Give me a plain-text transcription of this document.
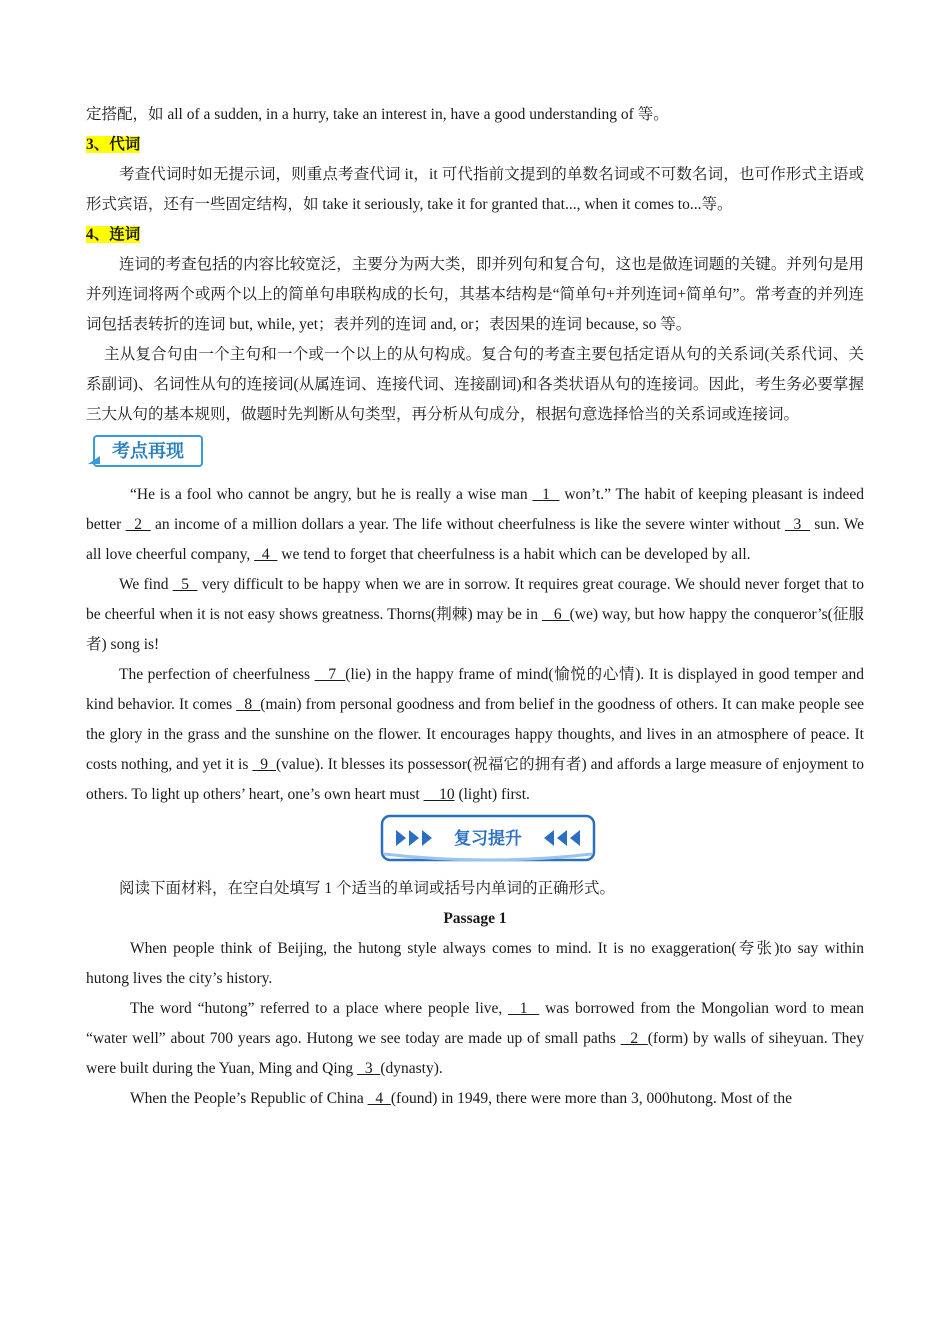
定搭配，如 all of a sudden, in a hurry, take an interest in, have a good understanding of 等。

3、代词

考查代词时如无提示词，则重点考查代词 it，it 可代指前文提到的单数名词或不可数名词，也可作形式主语或形式宾语，还有一些固定结构，如 take it seriously, take it for granted that..., when it comes to...等。

4、连词

连词的考查包括的内容比较宽泛，主要分为两大类，即并列句和复合句，这也是做连词题的关键。并列句是用并列连词将两个或两个以上的简单句串联构成的长句，其基本结构是“简单句+并列连词+简单句”。常考查的并列连词包括表转折的连词 but, while, yet；表并列的连词 and, or；表因果的连词 because, so 等。

主从复合句由一个主句和一个或一个以上的从句构成。复合句的考查主要包括定语从句的关系词(关系代词、关系副词)、名词性从句的连接词(从属连词、连接代词、连接副词)和各类状语从句的连接词。因此，考生务必要掌握三大从句的基本规则，做题时先判断从句类型，再分析从句成分，根据句意选择恰当的关系词或连接词。

考点再现

“He is a fool who cannot be angry, but he is really a wise man   1   won’t.” The habit of keeping pleasant is indeed better   2   an income of a million dollars a year. The life without cheerfulness is like the severe winter without   3   sun. We all love cheerful company,   4   we tend to forget that cheerfulness is a habit which can be developed by all.

We find   5   very difficult to be happy when we are in sorrow. It requires great courage. We should never forget that to be cheerful when it is not easy shows greatness. Thorns(荆棘) may be in    6  (we) way, but how happy the conqueror’s(征服者) song is!

The perfection of cheerfulness    7  (lie) in the happy frame of mind(愉悦的心情). It is displayed in good temper and kind behavior. It comes   8  (main) from personal goodness and from belief in the goodness of others. It can make people see the glory in the grass and the sunshine on the flower. It encourages happy thoughts, and lives in an atmosphere of peace. It costs nothing, and yet it is   9  (value). It blesses its possessor(祝福它的拥有者) and affords a large measure of enjoyment to others. To light up others’ heart, one’s own heart must     10 (light) first.

复习提升

阅读下面材料，在空白处填写 1 个适当的单词或括号内单词的正确形式。

Passage 1

When people think of Beijing, the hutong style always comes to mind. It is no exaggeration(夸张)to say within hutong lives the city’s history.

The word “hutong” referred to a place where people live,   1   was borrowed from the Mongolian word to mean “water well” about 700 years ago. Hutong we see today are made up of small paths   2  (form) by walls of siheyuan. They were built during the Yuan, Ming and Qing   3  (dynasty).

When the People’s Republic of China   4  (found) in 1949, there were more than 3, 000hutong. Most of the
